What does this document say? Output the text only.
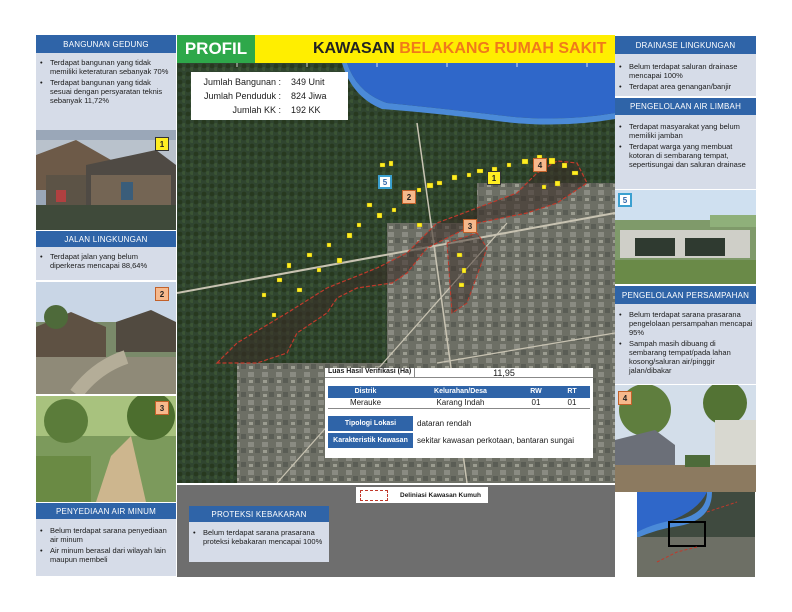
BANGUNAN GEDUNG
• Terdapat bangunan yang tidak memiliki keteraturan sebanyak 70%
• Terdapat bangunan yang tidak sesuai dengan persyaratan teknis sebanyak 11,72%
1
JALAN LINGKUNGAN
• Terdapat jalan yang belum diperkeras mencapai 88,64%
2
3
PENYEDIAAN AIR MINUM
• Belum terdapat sarana penyediaan air minum
• Air minum berasal dari wilayah lain maupun membeli
PROFIL	KAWASAN BELAKANG RUMAH SAKIT
5
2
1
4
3
Jumlah Bangunan :	349 Unit
Jumlah Penduduk :	824 Jiwa
Jumlah KK :	192 KK
Luas Hasil Verifikasi (Ha)	11,95
Distrik	Kelurahan/Desa	RW	RT
Merauke	Karang Indah	01	01
Tipologi Lokasi	dataran rendah
Karakteristik Kawasan	sekitar kawasan perkotaan, bantaran sungai
Deliniasi Kawasan Kumuh
PROTEKSI KEBAKARAN
• Belum terdapat sarana prasarana proteksi kebakaran mencapai 100%
DRAINASE LINGKUNGAN
• Belum terdapat saluran drainase mencapai 100%
• Terdapat area genangan/banjir
PENGELOLAAN AIR LIMBAH
• Terdapat masyarakat yang belum memiliki jamban
• Terdapat warga yang membuat kotoran di sembarang tempat, sepertisungai dan saluran drainase
5
PENGELOLAAN PERSAMPAHAN
• Belum terdapat sarana prasarana pengelolaan persampahan mencapai 95%
• Sampah masih dibuang di sembarang tempat/pada lahan kosong/saluran air/pinggir jalan/dibakar
4
